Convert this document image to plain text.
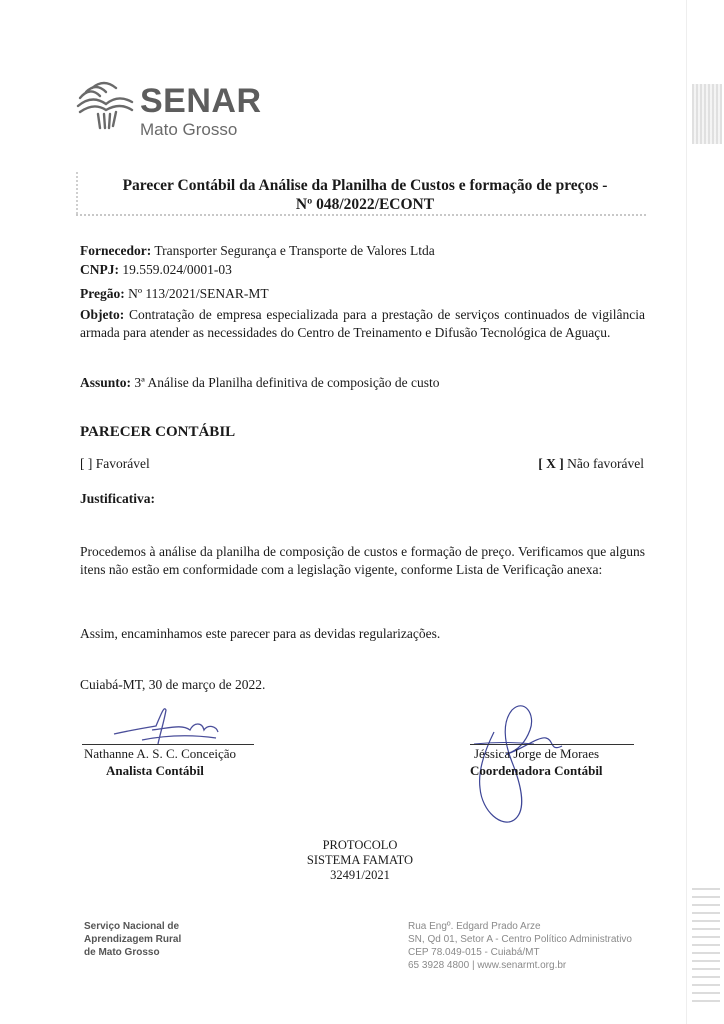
SENAR
Mato Grosso
Parecer Contábil da Análise da Planilha de Custos e formação de preços -
Nº 048/2022/ECONT
Fornecedor: Transporter Segurança e Transporte de Valores Ltda
CNPJ: 19.559.024/0001-03
Pregão: Nº 113/2021/SENAR-MT
Objeto: Contratação de empresa especializada para a prestação de serviços continuados de vigilância armada para atender as necessidades do Centro de Treinamento e Difusão Tecnológica de Aguaçu.
Assunto: 3ª Análise da Planilha definitiva de composição de custo
PARECER CONTÁBIL
[ ] Favorável	[ X ] Não favorável
Justificativa:
Procedemos à análise da planilha de composição de custos e formação de preço. Verificamos que alguns itens não estão em conformidade com a legislação vigente, conforme Lista de Verificação anexa:
Assim, encaminhamos este parecer para as devidas regularizações.
Cuiabá-MT, 30 de março de 2022.
Nathanne A. S. C. Conceição
Analista Contábil
Jéssica Jorge de Moraes
Coordenadora Contábil
PROTOCOLO
SISTEMA FAMATO
32491/2021
Serviço Nacional de
Aprendizagem Rural
de Mato Grosso
Rua Engº. Edgard Prado Arze
SN, Qd 01, Setor A - Centro Político Administrativo
CEP 78.049-015 - Cuiabá/MT
65 3928 4800 | www.senarmt.org.br
